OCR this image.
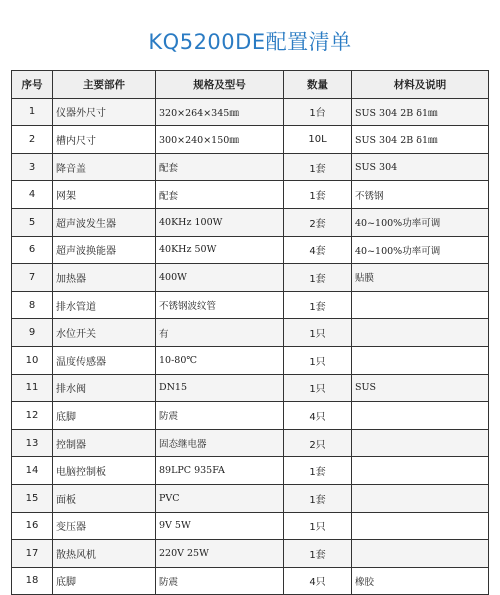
KQ5200DE配置清单
序号	主要部件	规格及型号	数量	材料及说明
1	仪器外尺寸	320×264×345㎜	1台	SUS 304 2B δ1㎜
2	槽内尺寸	300×240×150㎜	10L	SUS 304 2B δ1㎜
3	降音盖	配套	1套	SUS 304
4	网架	配套	1套	不锈钢
5	超声波发生器	40KHz 100W	2套	40~100%功率可调
6	超声波换能器	40KHz 50W	4套	40~100%功率可调
7	加热器	400W	1套	贴膜
8	排水管道	不锈钢波纹管	1套	
9	水位开关	有	1只	
10	温度传感器	10-80℃	1只	
11	排水阀	DN15	1只	SUS
12	底脚	防震	4只	
13	控制器	固态继电器	2只	
14	电脑控制板	89LPC 935FA	1套	
15	面板	PVC	1套	
16	变压器	9V 5W	1只	
17	散热风机	220V 25W	1套	
18	底脚	防震	4只	橡胶
